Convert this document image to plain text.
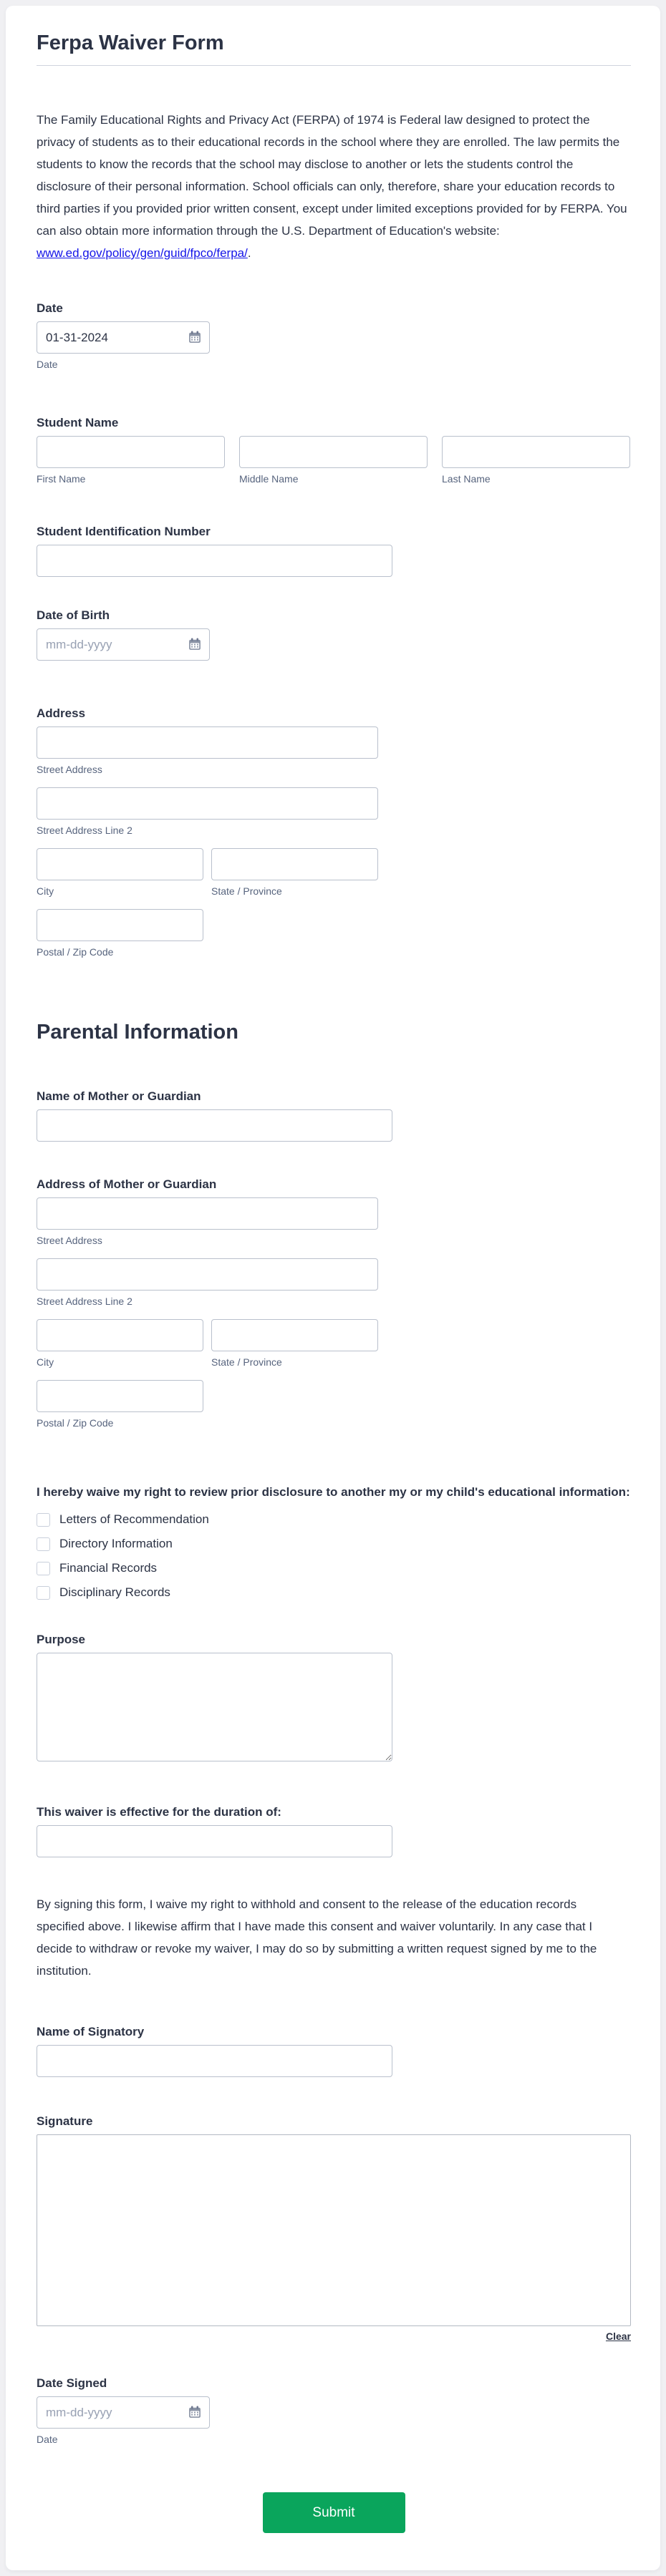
Ferpa Waiver Form

The Family Educational Rights and Privacy Act (FERPA) of 1974 is Federal law designed to protect the privacy of students as to their educational records in the school where they are enrolled. The law permits the students to know the records that the school may disclose to another or lets the students control the disclosure of their personal information. School officials can only, therefore, share your education records to third parties if you provided prior written consent, except under limited exceptions provided for by FERPA. You can also obtain more information through the U.S. Department of Education's website:
www.ed.gov/policy/gen/guid/fpco/ferpa/.

Date
01-31-2024
Date
Student Name
First Name	Middle Name	Last Name
Student Identification Number
Date of Birth
mm-dd-yyyy
Address
Street Address
Street Address Line 2
City	State / Province
Postal / Zip Code
Parental Information
Name of Mother or Guardian
Address of Mother or Guardian
Street Address
Street Address Line 2
City	State / Province
Postal / Zip Code

I hereby waive my right to review prior disclosure to another my or my child's educational information:

Letters of Recommendation
Directory Information
Financial Records
Disciplinary Records
Purpose
This waiver is effective for the duration of:

By signing this form, I waive my right to withhold and consent to the release of the education records specified above. I likewise affirm that I have made this consent and waiver voluntarily. In any case that I decide to withdraw or revoke my waiver, I may do so by submitting a written request signed by me to the institution.

Name of Signatory
Signature
Clear
Date Signed
mm-dd-yyyy
Date
Submit
